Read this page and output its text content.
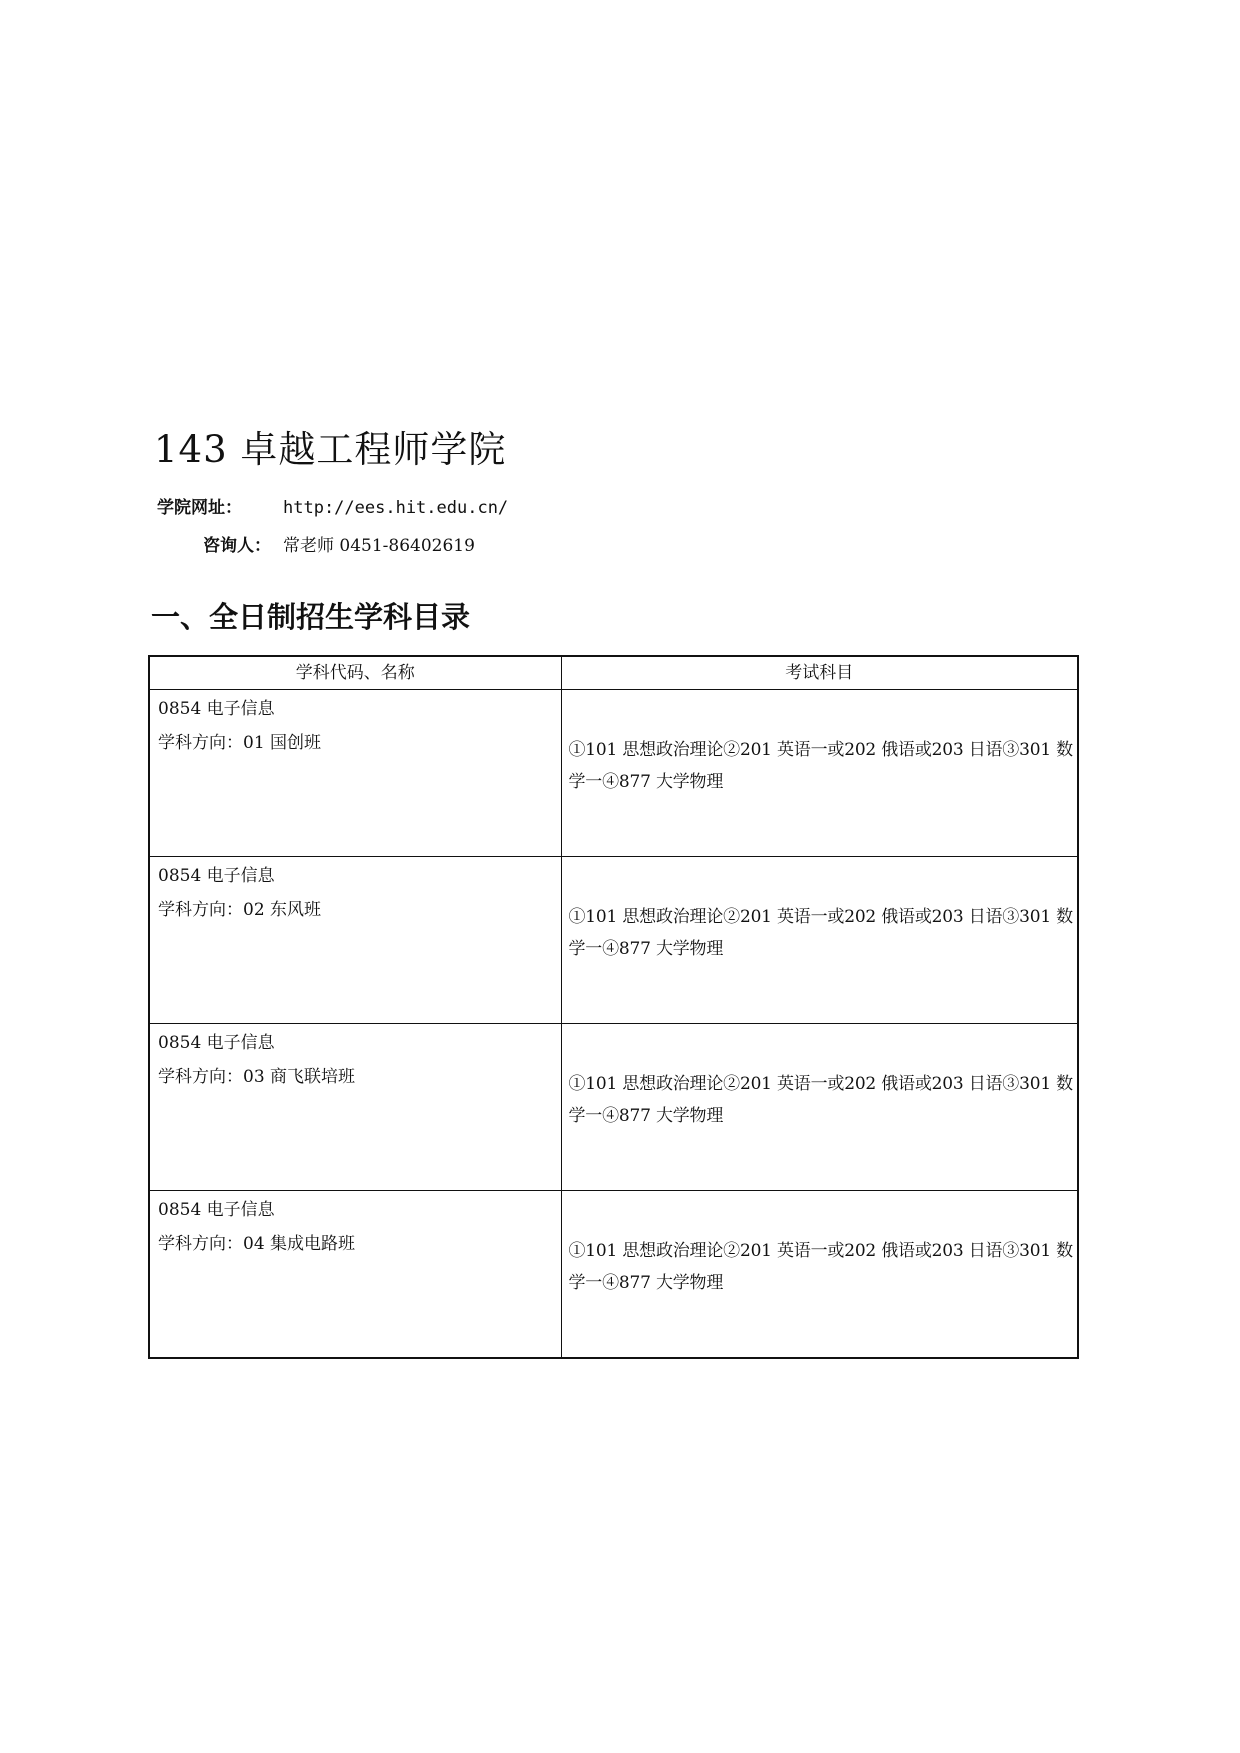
143 卓越工程师学院
学院网址： http://ees.hit.edu.cn/
咨询人： 常老师 0451-86402619
一、全日制招生学科目录
学科代码、名称	考试科目

0854 电子信息
学科方向：01 国创班	①101 思想政治理论②201 英语一或202 俄语或203 日语③301 数学一④877 大学物理

0854 电子信息
学科方向：02 东风班	①101 思想政治理论②201 英语一或202 俄语或203 日语③301 数学一④877 大学物理

0854 电子信息
学科方向：03 商飞联培班	①101 思想政治理论②201 英语一或202 俄语或203 日语③301 数学一④877 大学物理

0854 电子信息
学科方向：04 集成电路班	①101 思想政治理论②201 英语一或202 俄语或203 日语③301 数学一④877 大学物理
